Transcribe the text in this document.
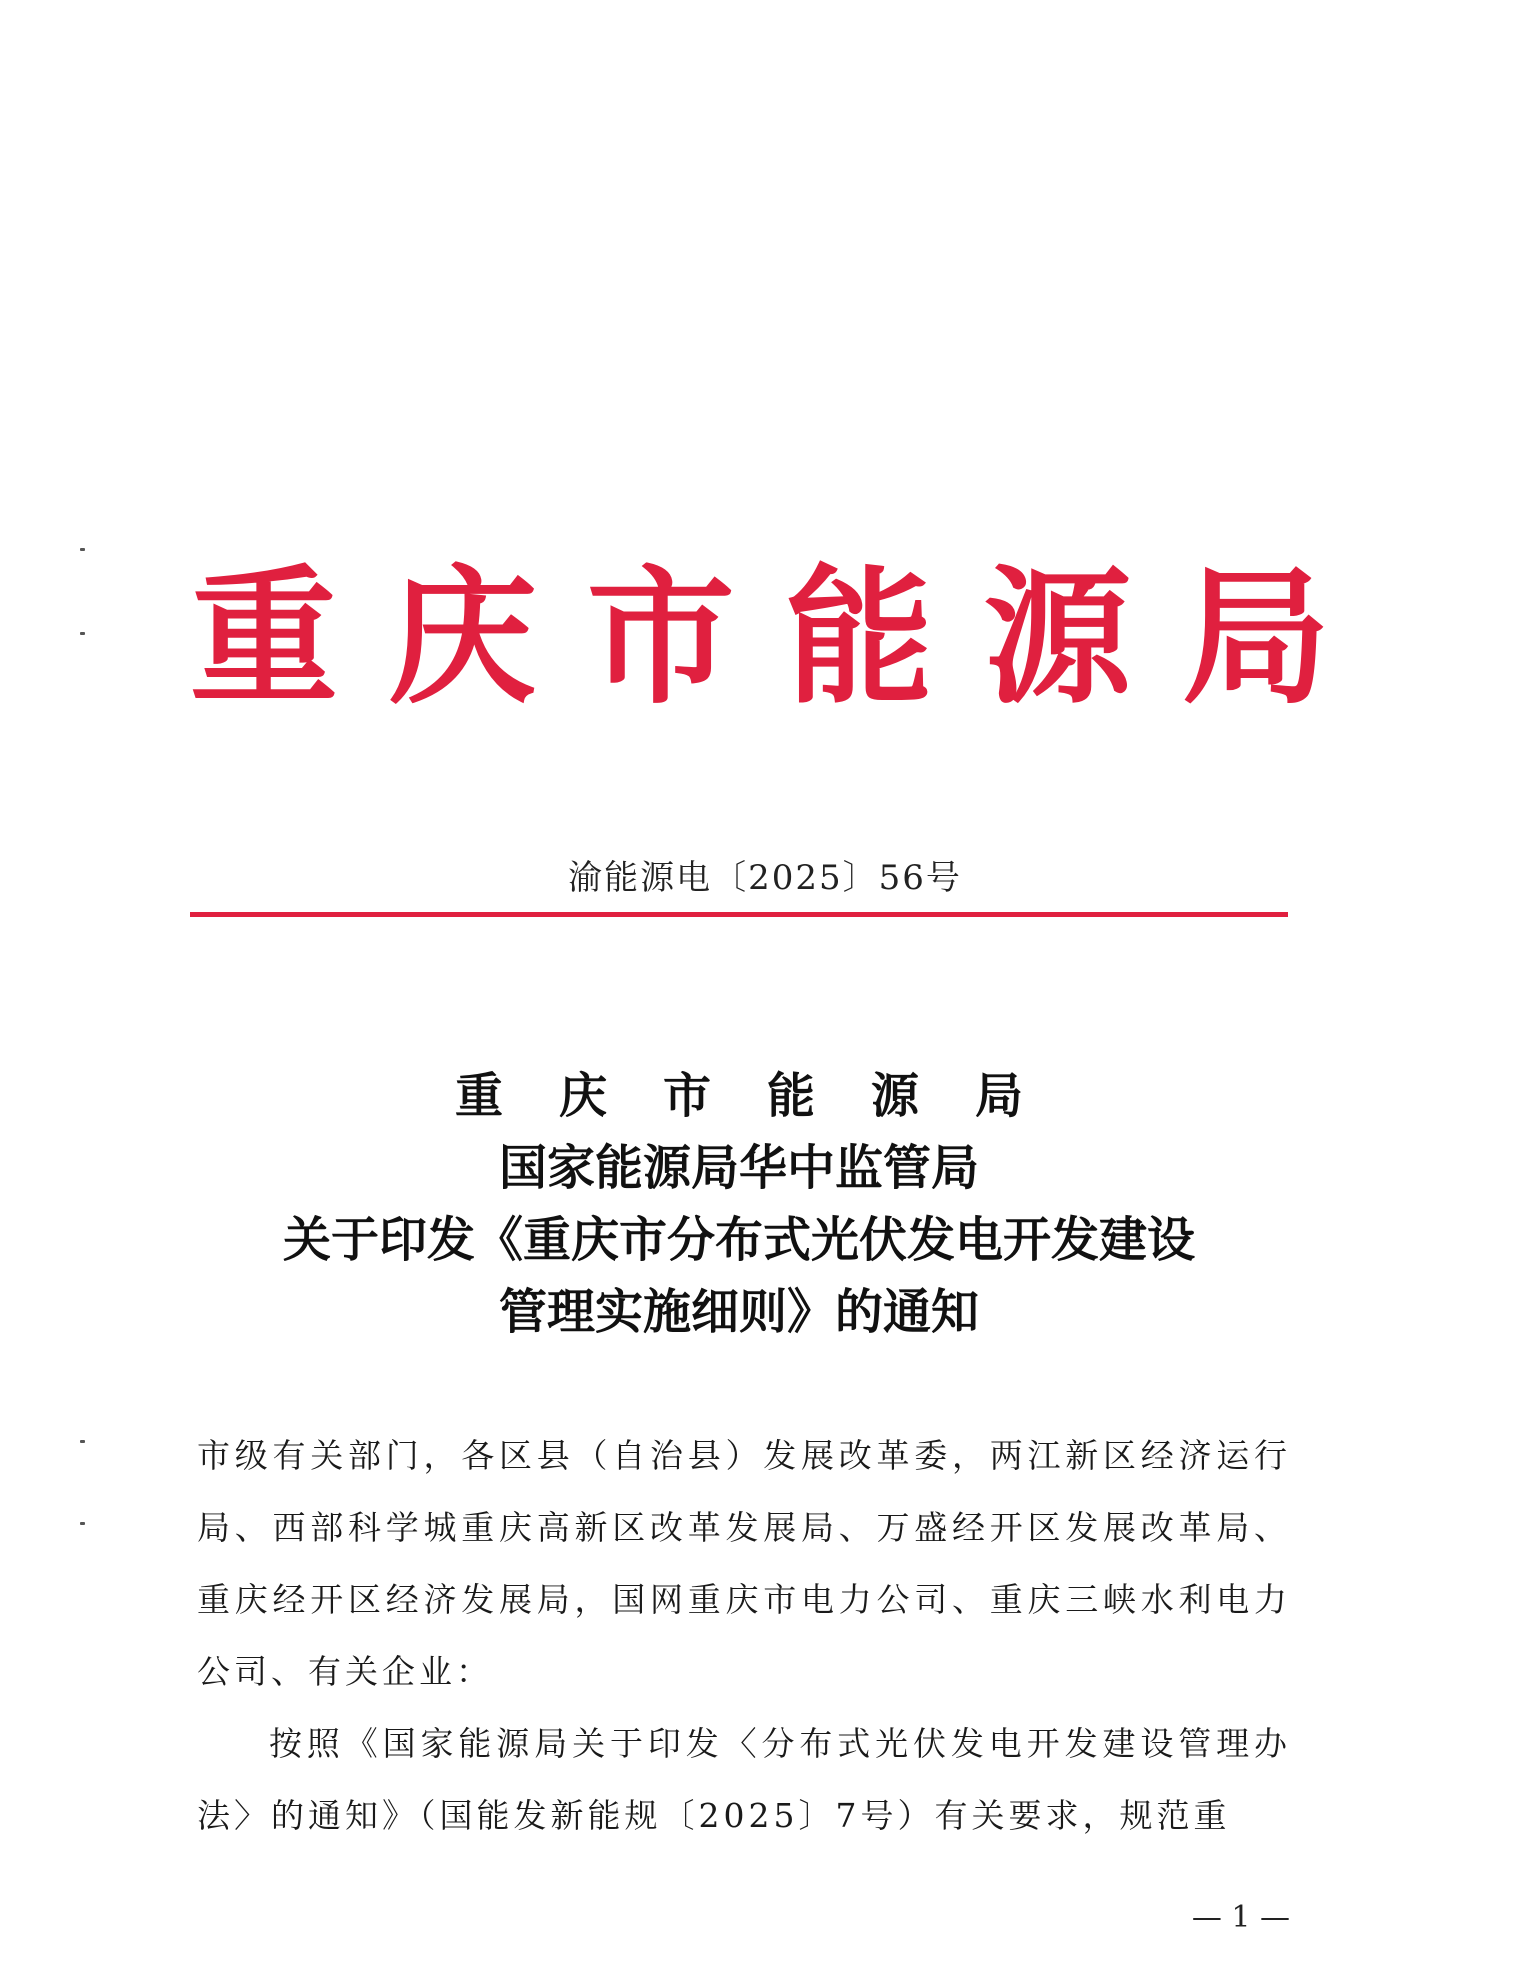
重 庆 市 能 源 局
渝能源电〔2025〕56号

重庆市能源局

国家能源局华中监管局

关于印发《重庆市分布式光伏发电开发建设

管理实施细则》的通知

市级有关部门，各区县（自治县）发展改革委，两江新区经济运行局、西部科学城重庆高新区改革发展局、万盛经开区发展改革局、重庆经开区经济发展局，国网重庆市电力公司、重庆三峡水利电力公司、有关企业：

按照《国家能源局关于印发〈分布式光伏发电开发建设管理办法〉的通知》（国能发新能规〔2025〕7号）有关要求，规范重

— 1 —
